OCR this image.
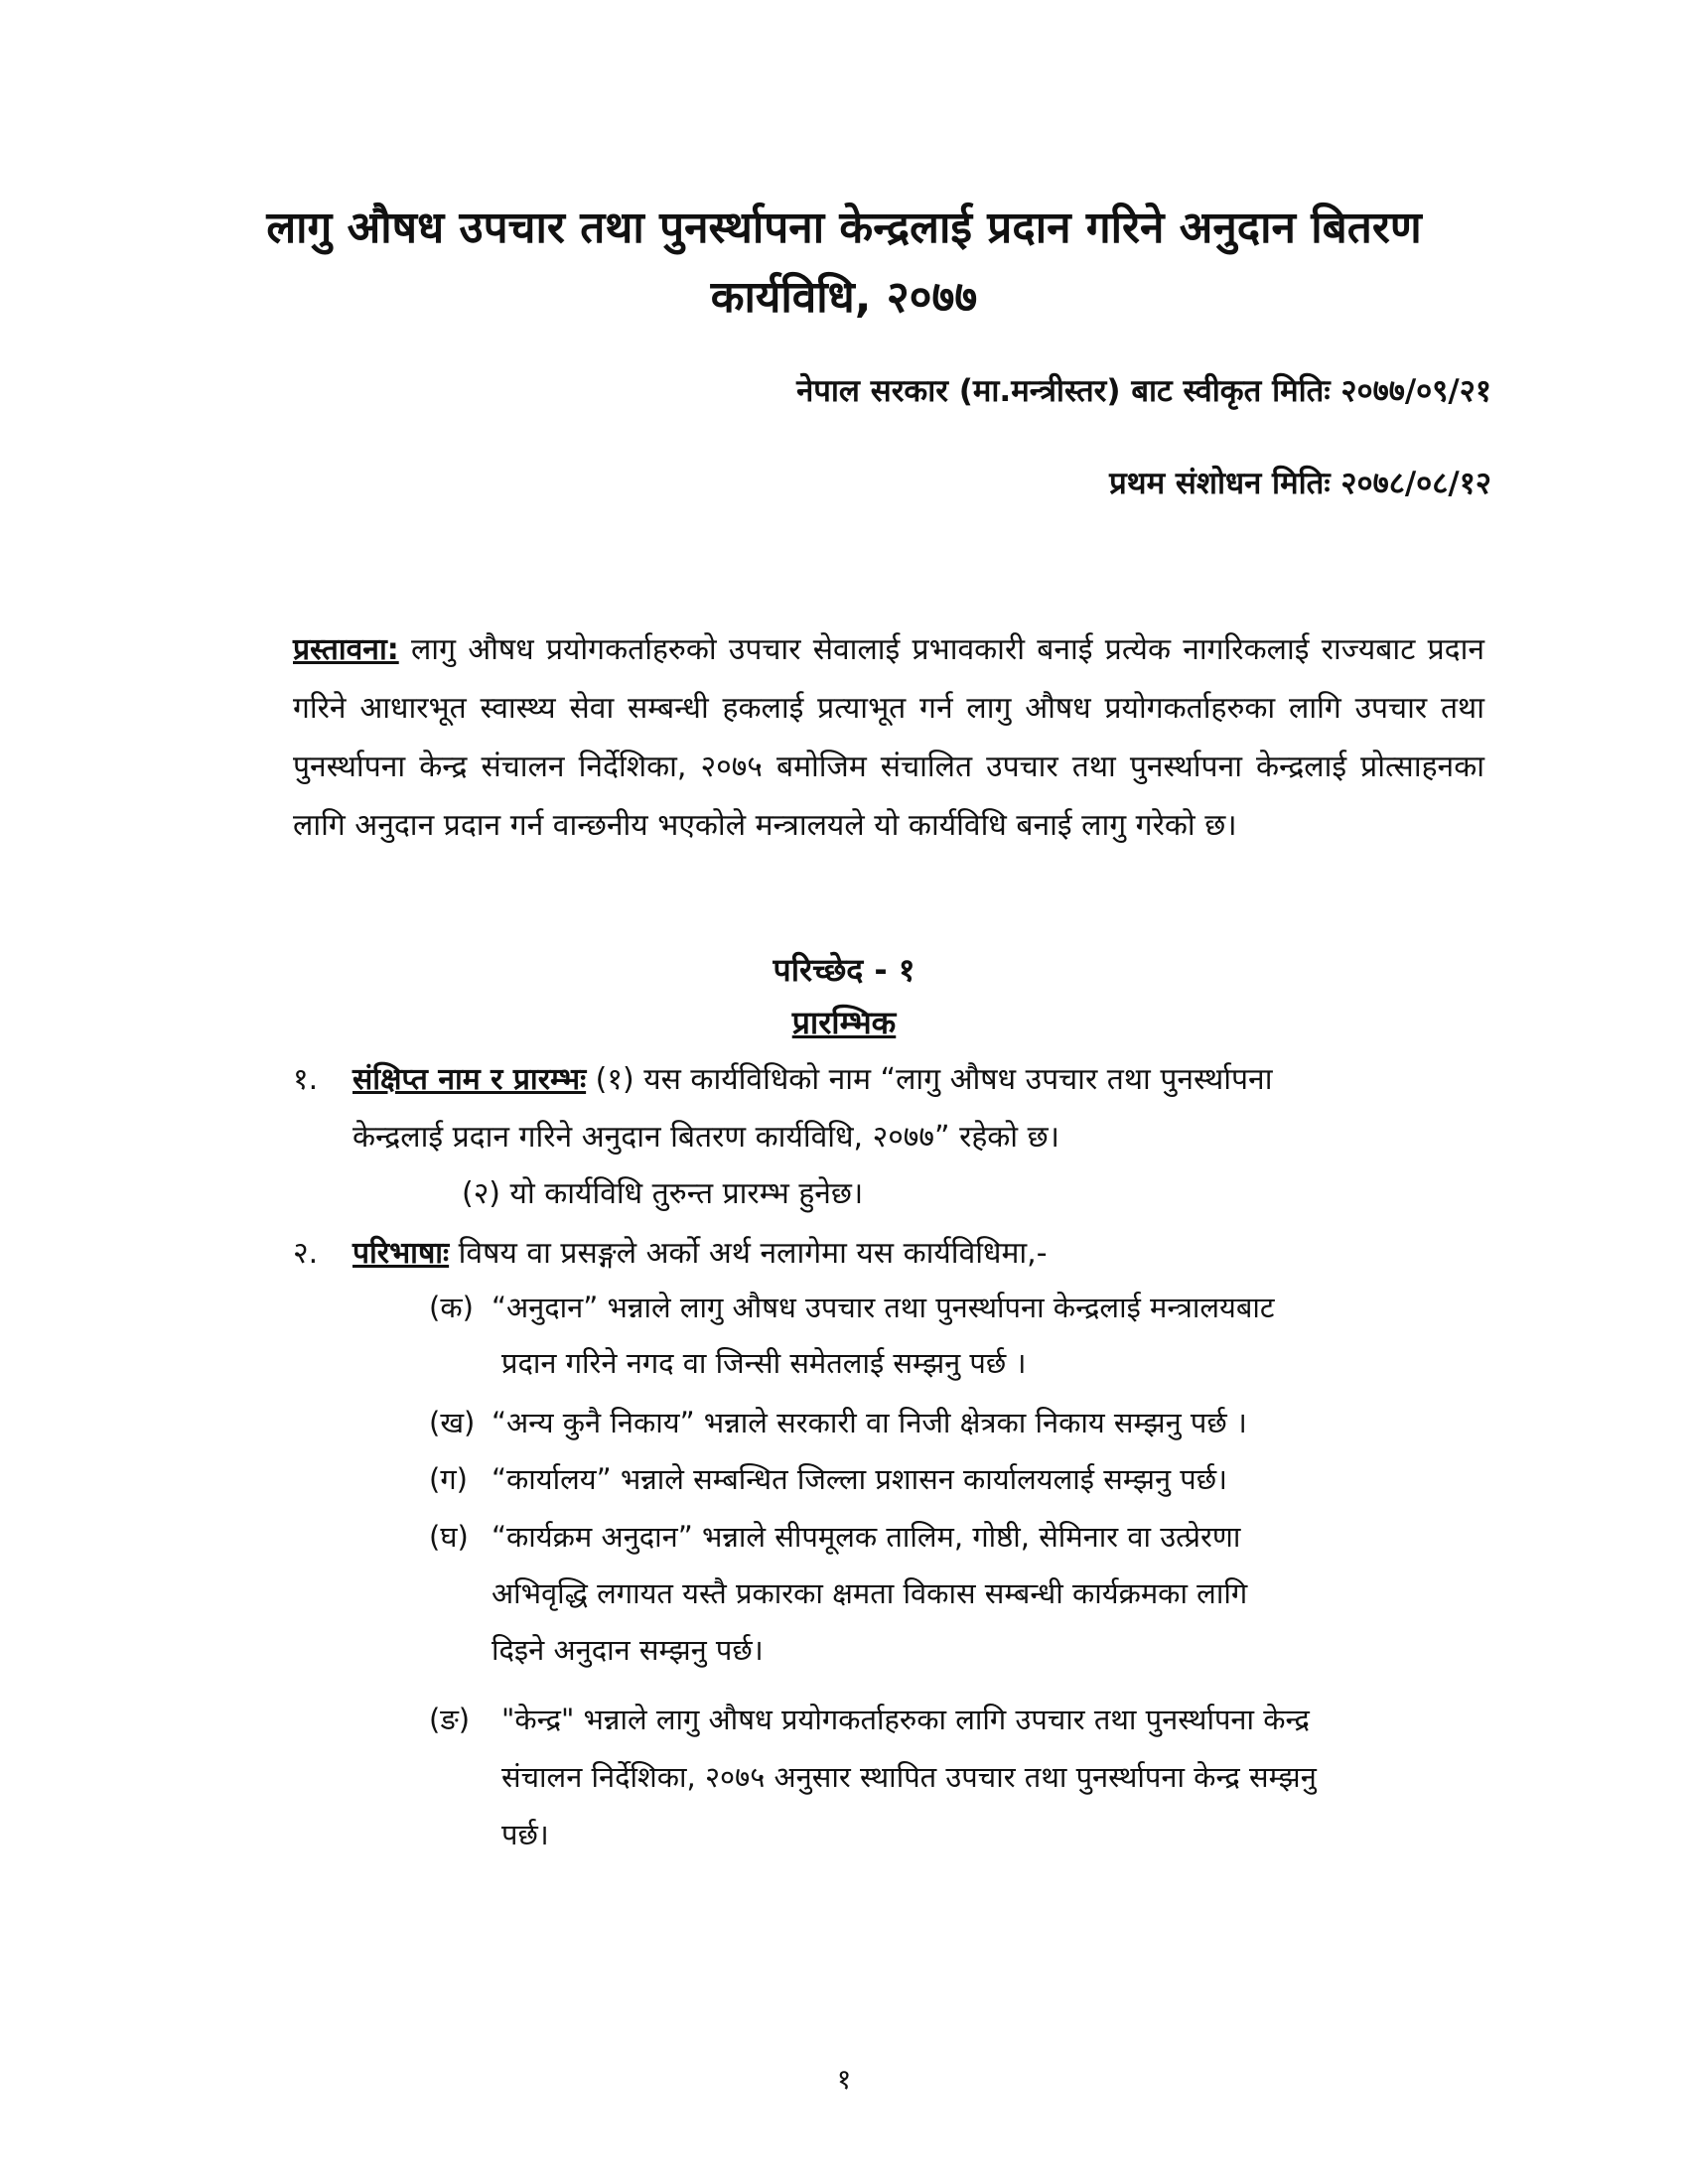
लागु औषध उपचार तथा पुनर्स्थापना केन्द्रलाई प्रदान गरिने अनुदान बितरण
कार्यविधि, २०७७
नेपाल सरकार (मा.मन्त्रीस्तर) बाट स्वीकृत मितिः २०७७/०९/२१
प्रथम संशोधन मितिः २०७८/०८/१२
प्रस्तावना: लागु औषध प्रयोगकर्ताहरुको उपचार सेवालाई प्रभावकारी बनाई प्रत्येक नागरिकलाई राज्यबाट प्रदान गरिने आधारभूत स्वास्थ्य सेवा सम्बन्धी हकलाई प्रत्याभूत गर्न लागु औषध प्रयोगकर्ताहरुका लागि उपचार तथा पुनर्स्थापना केन्द्र संचालन निर्देशिका, २०७५ बमोजिम संचालित उपचार तथा पुनर्स्थापना केन्द्रलाई प्रोत्साहनका लागि अनुदान प्रदान गर्न वान्छनीय भएकोले मन्त्रालयले यो कार्यविधि बनाई लागु गरेको छ।
परिच्छेद - १
प्रारम्भिक
१. संक्षिप्त नाम र प्रारम्भः (१) यस कार्यविधिको नाम “लागु औषध उपचार तथा पुनर्स्थापना
केन्द्रलाई प्रदान गरिने अनुदान बितरण कार्यविधि, २०७७” रहेको छ।
(२) यो कार्यविधि तुरुन्त प्रारम्भ हुनेछ।
२. परिभाषाः विषय वा प्रसङ्गले अर्को अर्थ नलागेमा यस कार्यविधिमा,-
(क) “अनुदान” भन्नाले लागु औषध उपचार तथा पुनर्स्थापना केन्द्रलाई मन्त्रालयबाट
प्रदान गरिने नगद वा जिन्सी समेतलाई सम्झनु पर्छ ।
(ख) “अन्य कुनै निकाय” भन्नाले सरकारी वा निजी क्षेत्रका निकाय सम्झनु पर्छ ।
(ग) “कार्यालय” भन्नाले सम्बन्धित जिल्ला प्रशासन कार्यालयलाई सम्झनु पर्छ।
(घ) “कार्यक्रम अनुदान” भन्नाले सीपमूलक तालिम, गोष्ठी, सेमिनार वा उत्प्रेरणा
अभिवृद्धि लगायत यस्तै प्रकारका क्षमता विकास सम्बन्धी कार्यक्रमका लागि
दिइने अनुदान सम्झनु पर्छ।
(ङ) "केन्द्र" भन्नाले लागु औषध प्रयोगकर्ताहरुका लागि उपचार तथा पुनर्स्थापना केन्द्र
संचालन निर्देशिका, २०७५ अनुसार स्थापित उपचार तथा पुनर्स्थापना केन्द्र सम्झनु
पर्छ।
१
